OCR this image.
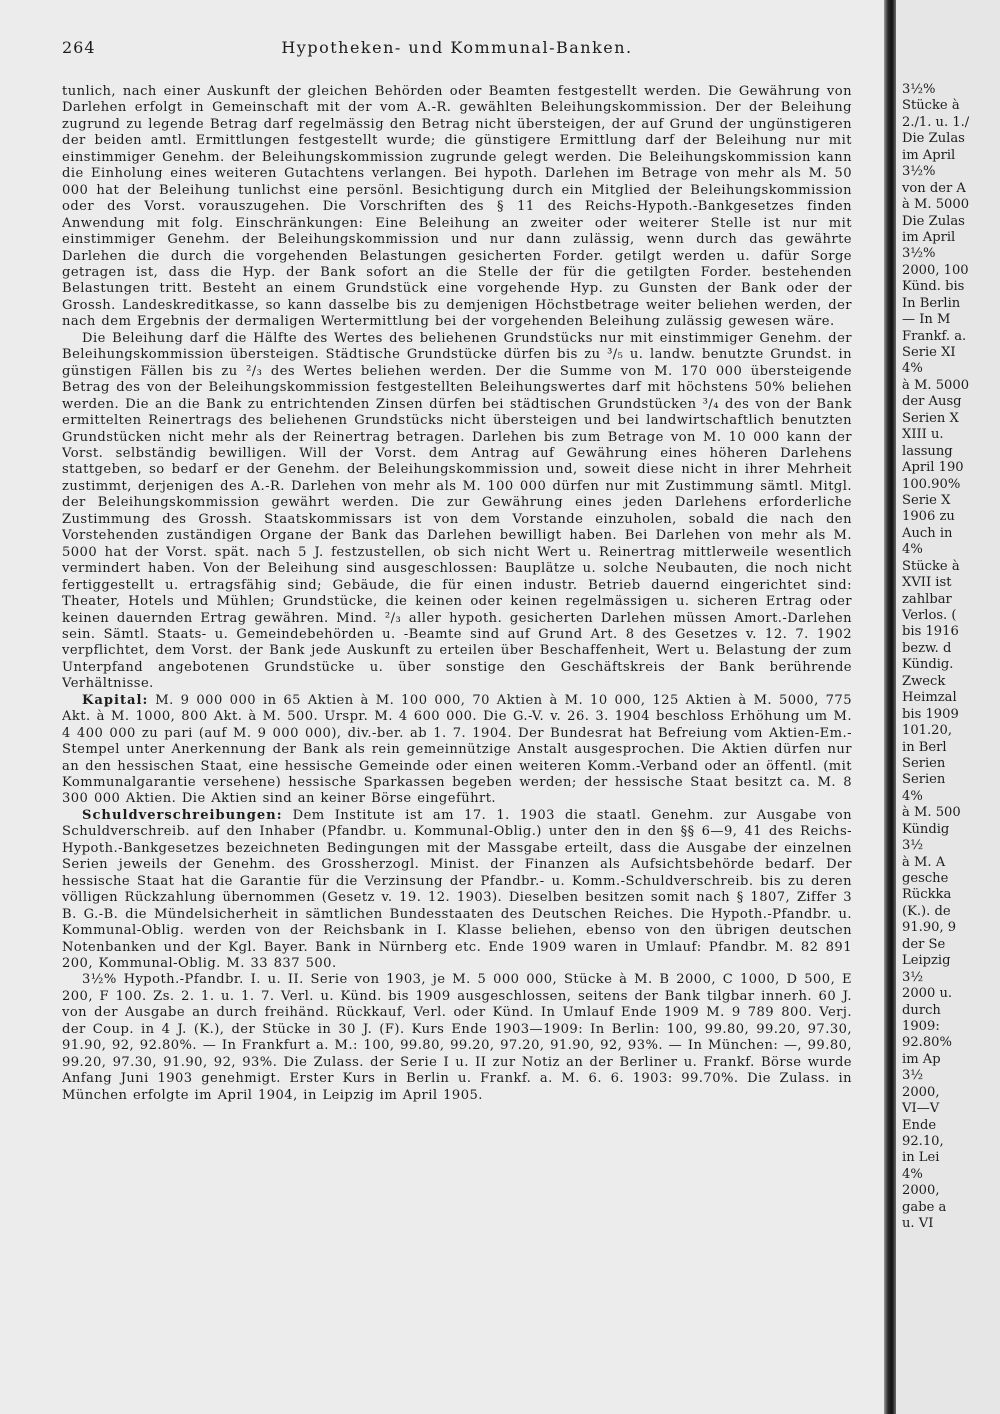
264	Hypotheken- und Kommunal-Banken.

tunlich, nach einer Auskunft der gleichen Behörden oder Beamten festgestellt werden. Die Gewährung von Darlehen erfolgt in Gemeinschaft mit der vom A.-R. gewählten Beleihungskommission. Der der Beleihung zugrund zu legende Betrag darf regelmässig den Betrag nicht übersteigen, der auf Grund der ungünstigeren der beiden amtl. Ermittlungen festgestellt wurde; die günstigere Ermittlung darf der Beleihung nur mit einstimmiger Genehm. der Beleihungskommission zugrunde gelegt werden. Die Beleihungskommission kann die Einholung eines weiteren Gutachtens verlangen. Bei hypoth. Darlehen im Betrage von mehr als M. 50 000 hat der Beleihung tunlichst eine persönl. Besichtigung durch ein Mitglied der Beleihungskommission oder des Vorst. vorauszugehen. Die Vorschriften des § 11 des Reichs-Hypoth.-Bankgesetzes finden Anwendung mit folg. Einschränkungen: Eine Beleihung an zweiter oder weiterer Stelle ist nur mit einstimmiger Genehm. der Beleihungskommission und nur dann zulässig, wenn durch das gewährte Darlehen die durch die vorgehenden Belastungen gesicherten Forder. getilgt werden u. dafür Sorge getragen ist, dass die Hyp. der Bank sofort an die Stelle der für die getilgten Forder. bestehenden Belastungen tritt. Besteht an einem Grundstück eine vorgehende Hyp. zu Gunsten der Bank oder der Grossh. Landeskreditkasse, so kann dasselbe bis zu demjenigen Höchstbetrage weiter beliehen werden, der nach dem Ergebnis der dermaligen Wertermittlung bei der vorgehenden Beleihung zulässig gewesen wäre.

Die Beleihung darf die Hälfte des Wertes des beliehenen Grundstücks nur mit einstimmiger Genehm. der Beleihungskommission übersteigen. Städtische Grundstücke dürfen bis zu ³/₅ u. landw. benutzte Grundst. in günstigen Fällen bis zu ²/₃ des Wertes beliehen werden. Der die Summe von M. 170 000 übersteigende Betrag des von der Beleihungskommission festgestellten Beleihungswertes darf mit höchstens 50% beliehen werden. Die an die Bank zu entrichtenden Zinsen dürfen bei städtischen Grundstücken ³/₄ des von der Bank ermittelten Reinertrags des beliehenen Grundstücks nicht übersteigen und bei landwirtschaftlich benutzten Grundstücken nicht mehr als der Reinertrag betragen. Darlehen bis zum Betrage von M. 10 000 kann der Vorst. selbständig bewilligen. Will der Vorst. dem Antrag auf Gewährung eines höheren Darlehens stattgeben, so bedarf er der Genehm. der Beleihungskommission und, soweit diese nicht in ihrer Mehrheit zustimmt, derjenigen des A.-R. Darlehen von mehr als M. 100 000 dürfen nur mit Zustimmung sämtl. Mitgl. der Beleihungskommission gewährt werden. Die zur Gewährung eines jeden Darlehens erforderliche Zustimmung des Grossh. Staatskommissars ist von dem Vorstande einzuholen, sobald die nach den Vorstehenden zuständigen Organe der Bank das Darlehen bewilligt haben. Bei Darlehen von mehr als M. 5000 hat der Vorst. spät. nach 5 J. festzustellen, ob sich nicht Wert u. Reinertrag mittlerweile wesentlich vermindert haben. Von der Beleihung sind ausgeschlossen: Bauplätze u. solche Neubauten, die noch nicht fertiggestellt u. ertragsfähig sind; Gebäude, die für einen industr. Betrieb dauernd eingerichtet sind: Theater, Hotels und Mühlen; Grundstücke, die keinen oder keinen regelmässigen u. sicheren Ertrag oder keinen dauernden Ertrag gewähren. Mind. ²/₃ aller hypoth. gesicherten Darlehen müssen Amort.-Darlehen sein. Sämtl. Staats- u. Gemeindebehörden u. -Beamte sind auf Grund Art. 8 des Gesetzes v. 12. 7. 1902 verpflichtet, dem Vorst. der Bank jede Auskunft zu erteilen über Beschaffenheit, Wert u. Belastung der zum Unterpfand angebotenen Grundstücke u. über sonstige den Geschäftskreis der Bank berührende Verhältnisse.

Kapital: M. 9 000 000 in 65 Aktien à M. 100 000, 70 Aktien à M. 10 000, 125 Aktien à M. 5000, 775 Akt. à M. 1000, 800 Akt. à M. 500. Urspr. M. 4 600 000. Die G.-V. v. 26. 3. 1904 beschloss Erhöhung um M. 4 400 000 zu pari (auf M. 9 000 000), div.-ber. ab 1. 7. 1904. Der Bundesrat hat Befreiung vom Aktien-Em.-Stempel unter Anerkennung der Bank als rein gemeinnützige Anstalt ausgesprochen. Die Aktien dürfen nur an den hessischen Staat, eine hessische Gemeinde oder einen weiteren Komm.-Verband oder an öffentl. (mit Kommunalgarantie versehene) hessische Sparkassen begeben werden; der hessische Staat besitzt ca. M. 8 300 000 Aktien. Die Aktien sind an keiner Börse eingeführt.

Schuldverschreibungen: Dem Institute ist am 17. 1. 1903 die staatl. Genehm. zur Ausgabe von Schuldverschreib. auf den Inhaber (Pfandbr. u. Kommunal-Oblig.) unter den in den §§ 6—9, 41 des Reichs-Hypoth.-Bankgesetzes bezeichneten Bedingungen mit der Massgabe erteilt, dass die Ausgabe der einzelnen Serien jeweils der Genehm. des Grossherzogl. Minist. der Finanzen als Aufsichtsbehörde bedarf. Der hessische Staat hat die Garantie für die Verzinsung der Pfandbr.- u. Komm.-Schuldverschreib. bis zu deren völligen Rückzahlung übernommen (Gesetz v. 19. 12. 1903). Dieselben besitzen somit nach § 1807, Ziffer 3 B. G.-B. die Mündelsicherheit in sämtlichen Bundesstaaten des Deutschen Reiches. Die Hypoth.-Pfandbr. u. Kommunal-Oblig. werden von der Reichsbank in I. Klasse beliehen, ebenso von den übrigen deutschen Notenbanken und der Kgl. Bayer. Bank in Nürnberg etc. Ende 1909 waren in Umlauf: Pfandbr. M. 82 891 200, Kommunal-Oblig. M. 33 837 500.

3½% Hypoth.-Pfandbr. I. u. II. Serie von 1903, je M. 5 000 000, Stücke à M. B 2000, C 1000, D 500, E 200, F 100. Zs. 2. 1. u. 1. 7. Verl. u. Künd. bis 1909 ausgeschlossen, seitens der Bank tilgbar innerh. 60 J. von der Ausgabe an durch freihänd. Rückkauf, Verl. oder Künd. In Umlauf Ende 1909 M. 9 789 800. Verj. der Coup. in 4 J. (K.), der Stücke in 30 J. (F). Kurs Ende 1903—1909: In Berlin: 100, 99.80, 99.20, 97.30, 91.90, 92, 92.80%. — In Frankfurt a. M.: 100, 99.80, 99.20, 97.20, 91.90, 92, 93%. — In München: —, 99.80, 99.20, 97.30, 91.90, 92, 93%. Die Zulass. der Serie I u. II zur Notiz an der Berliner u. Frankf. Börse wurde Anfang Juni 1903 genehmigt. Erster Kurs in Berlin u. Frankf. a. M. 6. 6. 1903: 99.70%. Die Zulass. in München erfolgte im April 1904, in Leipzig im April 1905.

3½%
Stücke à
2./1. u. 1./
Die Zulas
im April
3½%
von der A
à M. 5000
Die Zulas
im April
3½%
2000, 100
Künd. bis
In Berlin
— In M
Frankf. a.
Serie XI
4%
à M. 5000
der Ausg
Serien X
XIII u.
lassung
April 190
100.90%
Serie X
1906 zu
Auch in
4%
Stücke à
XVII ist
zahlbar
Verlos. (
bis 1916
bezw. d
Kündig.
Zweck
Heimzal
bis 1909
101.20,
in Berl
Serien
Serien
4%
à M. 500
Kündig
3½
à M. A
gesche
Rückka
(K.). de
91.90, 9
der Se
Leipzig
3½
2000 u.
durch
1909:
92.80%
im Ap
3½
2000,
VI—V
Ende
92.10,
in Lei
4%
2000,
gabe a
u. VI
